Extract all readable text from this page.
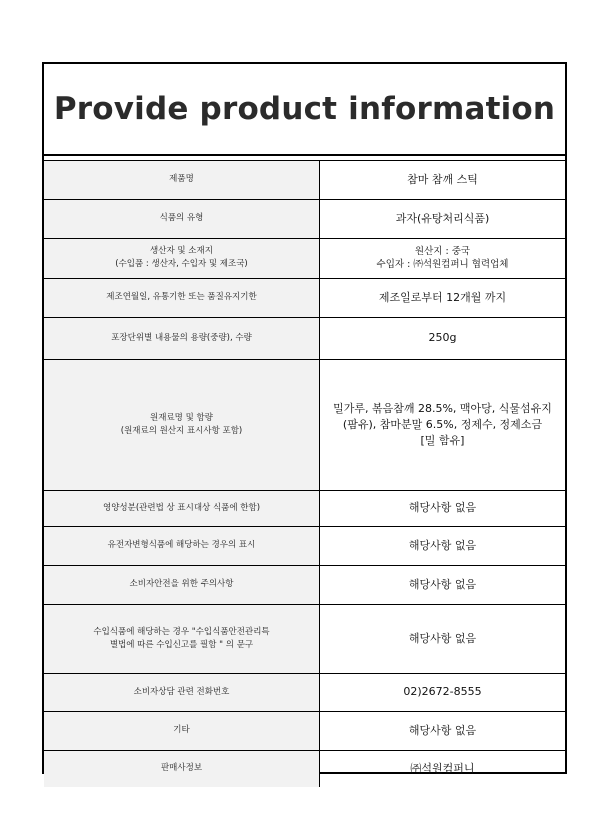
Provide product information
제품명	참마 참깨 스틱
식품의 유형	과자(유탕처리식품)
생산자 및 소재지
(수입품 : 생산자, 수입자 및 제조국)	원산지 : 중국
수입자 : ㈜석원컴퍼니 협력업체
제조연월일, 유통기한 또는 품질유지기한	제조일로부터 12개월 까지
포장단위별 내용물의 용량(중량), 수량	250g
원재료명 및 함량
(원재료의 원산지 표시사항 포함)	밀가루, 볶음참깨 28.5%, 맥아당, 식물섬유지(팜유), 참마분말 6.5%, 정제수, 정제소금
[밀 함유]
영양성분(관련법 상 표시대상 식품에 한함)	해당사항 없음
유전자변형식품에 해당하는 경우의 표시	해당사항 없음
소비자안전을 위한 주의사항	해당사항 없음
수입식품에 해당하는 경우 "수입식품안전관리특
별법에 따른 수입신고를 필함 " 의 문구	해당사항 없음
소비자상담 관련 전화번호	02)2672-8555
기타	해당사항 없음
판매사정보	㈜석원컴퍼니
